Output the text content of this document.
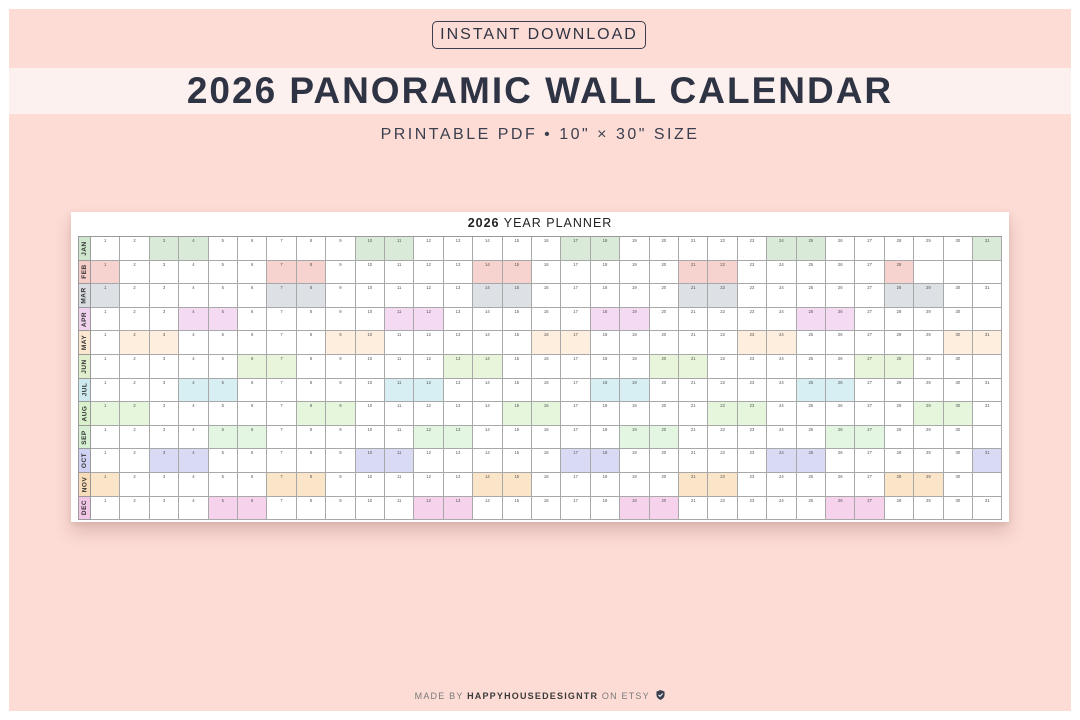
INSTANT DOWNLOAD
2026 PANORAMIC WALL CALENDAR
PRINTABLE PDF • 10" × 30" SIZE
2026 YEAR PLANNER
JAN
1	2	3	4	5	6	7	8	9	10	11	12	13	14	15	16	17	18	19	20	21	22	23	24	25	26	27	28	29	30	31
FEB
1	2	3	4	5	6	7	8	9	10	11	12	13	14	15	16	17	18	19	20	21	22	23	24	25	26	27	28
MAR	1	2	3	4	5	6	7	8	9	10	11	12	13	14	15	16	17	18	19	20	21	22	23	24	25	26	27	28	29	30	31
APR
1	2	3	4	5	6	7	8	9	10	11	12	13	14	15	16	17	18	19	20	21	22	23	24	25	26	27	28	29	30
MAY
1	2	3	4	5	6	7	8	9	10	11	12	13	14	15	16	17	18	19	20	21	22	23	24	25	26	27	28	29	30	31
JUN
1	2	3	4	5	6	7	8	9	10	11	12	13	14	15	16	17	18	19	20	21	22	23	24	25	26	27	28	29	30
JUL
1	2	3	4	5	6	7	8	9	10	11	12	13	14	15	16	17	18	19	20	21	22	23	24	25	26	27	28	29	30	31
AUG	1	2	3	4	5	6	7	8	9	10	11	12	13	14	15	16	17	18	19	20	21	22	23	24	25	26	27	28	29	30	31
SEP
1	2	3	4	5	6	7	8	9	10	11	12	13	14	15	16	17	18	19	20	21	22	23	24	25	26	27	28	29	30
OCT
1	2	3	4	5	6	7	8	9	10	11	12	13	14	15	16	17	18	19	20	21	22	23	24	25	26	27	28	29	30	31
NOV	1	2	3	4	5	6	7	8	9	10	11	12	13	14	15	16	17	18	19	20	21	22	23	24	25	26	27	28	29	30
DEC
1	2	3	4	5	6	7	8	9	10	11	12	13	14	15	16	17	18	19	20	21	22	23	24	25	26	27	28	29	30	31
MADE BY HAPPYHOUSEDESIGNTR ON ETSY
